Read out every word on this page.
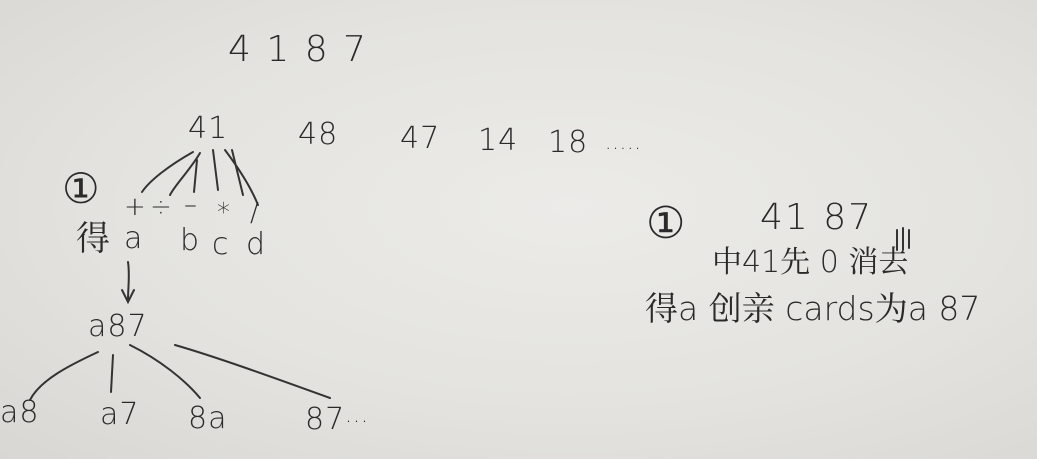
4 1 8 7
41 48 47 14 18 .....
① + ÷ – * /
得 a b c d
a87
a8 a7 8a	87 ...
① 41 87
中41先 0 消去
得a 创亲 cards为a 87
